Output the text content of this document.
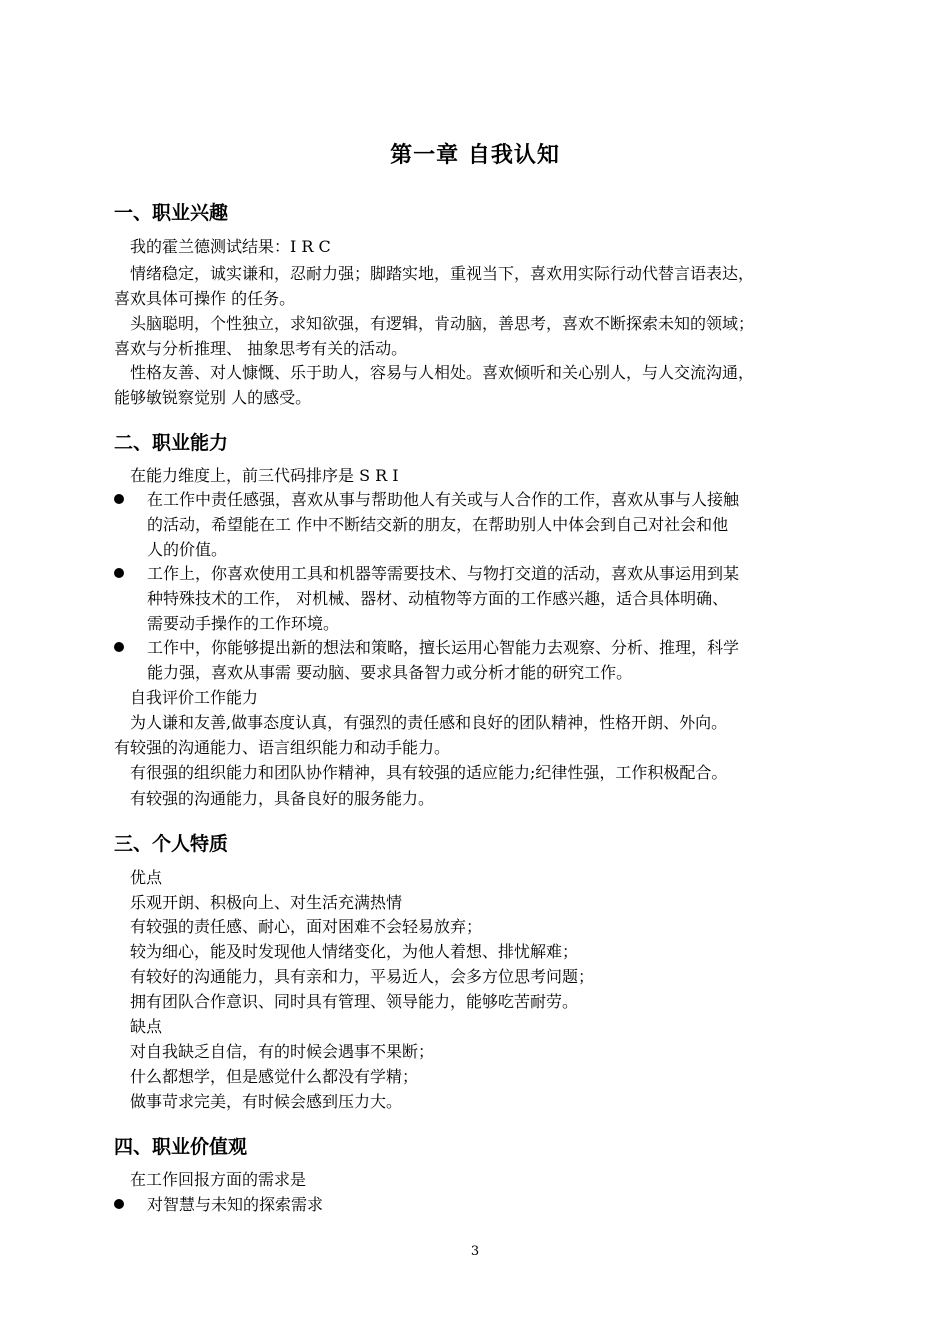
第一章 自我认知
一、职业兴趣
我的霍兰德测试结果：I R C
情绪稳定，诚实谦和，忍耐力强；脚踏实地，重视当下，喜欢用实际行动代替言语表达，
喜欢具体可操作 的任务。
头脑聪明，个性独立，求知欲强，有逻辑，肯动脑，善思考，喜欢不断探索未知的领域；
喜欢与分析推理、 抽象思考有关的活动。
性格友善、对人慷慨、乐于助人，容易与人相处。喜欢倾听和关心别人，与人交流沟通，
能够敏锐察觉别 人的感受。
二、职业能力
在能力维度上，前三代码排序是 S R I
在工作中责任感强，喜欢从事与帮助他人有关或与人合作的工作，喜欢从事与人接触
的活动，希望能在工 作中不断结交新的朋友，在帮助别人中体会到自己对社会和他
人的价值。
工作上，你喜欢使用工具和机器等需要技术、与物打交道的活动，喜欢从事运用到某
种特殊技术的工作， 对机械、器材、动植物等方面的工作感兴趣，适合具体明确、
需要动手操作的工作环境。
工作中，你能够提出新的想法和策略，擅长运用心智能力去观察、分析、推理，科学
能力强，喜欢从事需 要动脑、要求具备智力或分析才能的研究工作。
自我评价工作能力
为人谦和友善,做事态度认真，有强烈的责任感和良好的团队精神，性格开朗、外向。
有较强的沟通能力、语言组织能力和动手能力。
有很强的组织能力和团队协作精神，具有较强的适应能力;纪律性强，工作积极配合。
有较强的沟通能力，具备良好的服务能力。
三、个人特质
优点
乐观开朗、积极向上、对生活充满热情
有较强的责任感、耐心，面对困难不会轻易放弃；
较为细心，能及时发现他人情绪变化，为他人着想、排忧解难；
有较好的沟通能力，具有亲和力，平易近人，会多方位思考问题；
拥有团队合作意识、同时具有管理、领导能力，能够吃苦耐劳。
缺点
对自我缺乏自信，有的时候会遇事不果断；
什么都想学，但是感觉什么都没有学精；
做事苛求完美，有时候会感到压力大。
四、职业价值观
在工作回报方面的需求是
对智慧与未知的探索需求
3
